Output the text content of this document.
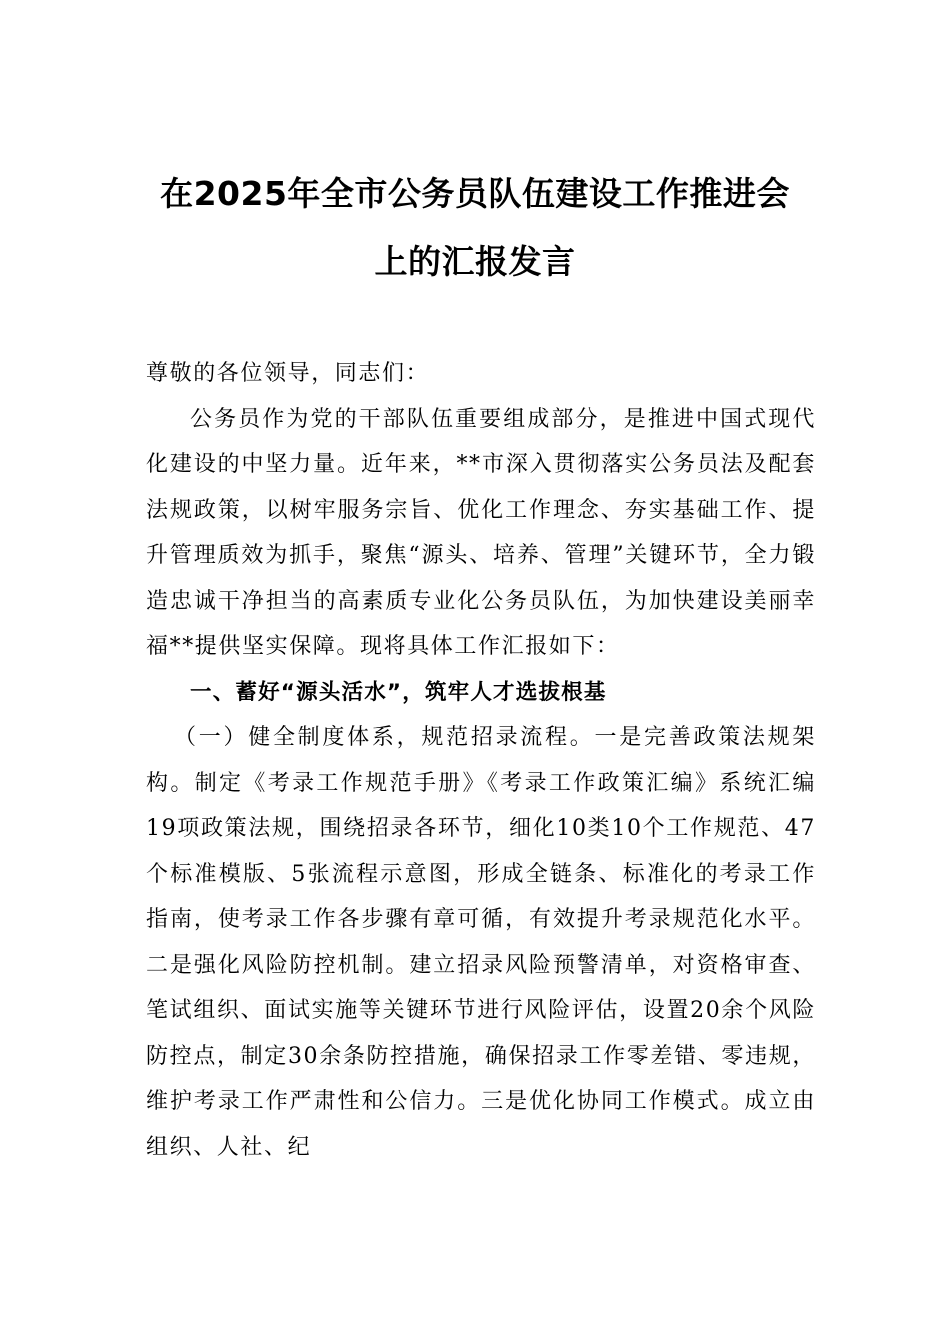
在2025年全市公务员队伍建设工作推进会
上的汇报发言

尊敬的各位领导，同志们：

公务员作为党的干部队伍重要组成部分，是推进中国式现代化建设的中坚力量。近年来，**市深入贯彻落实公务员法及配套法规政策，以树牢服务宗旨、优化工作理念、夯实基础工作、提升管理质效为抓手，聚焦“源头、培养、管理”关键环节，全力锻造忠诚干净担当的高素质专业化公务员队伍，为加快建设美丽幸福**提供坚实保障。现将具体工作汇报如下：

一、蓄好“源头活水”，筑牢人才选拔根基

（一）健全制度体系，规范招录流程。一是完善政策法规架构。制定《考录工作规范手册》《考录工作政策汇编》系统汇编19项政策法规，围绕招录各环节，细化10类10个工作规范、47个标准模版、5张流程示意图，形成全链条、标准化的考录工作指南，使考录工作各步骤有章可循，有效提升考录规范化水平。二是强化风险防控机制。建立招录风险预警清单，对资格审查、笔试组织、面试实施等关键环节进行风险评估，设置20余个风险防控点，制定30余条防控措施，确保招录工作零差错、零违规，维护考录工作严肃性和公信力。三是优化协同工作模式。成立由组织、人社、纪
